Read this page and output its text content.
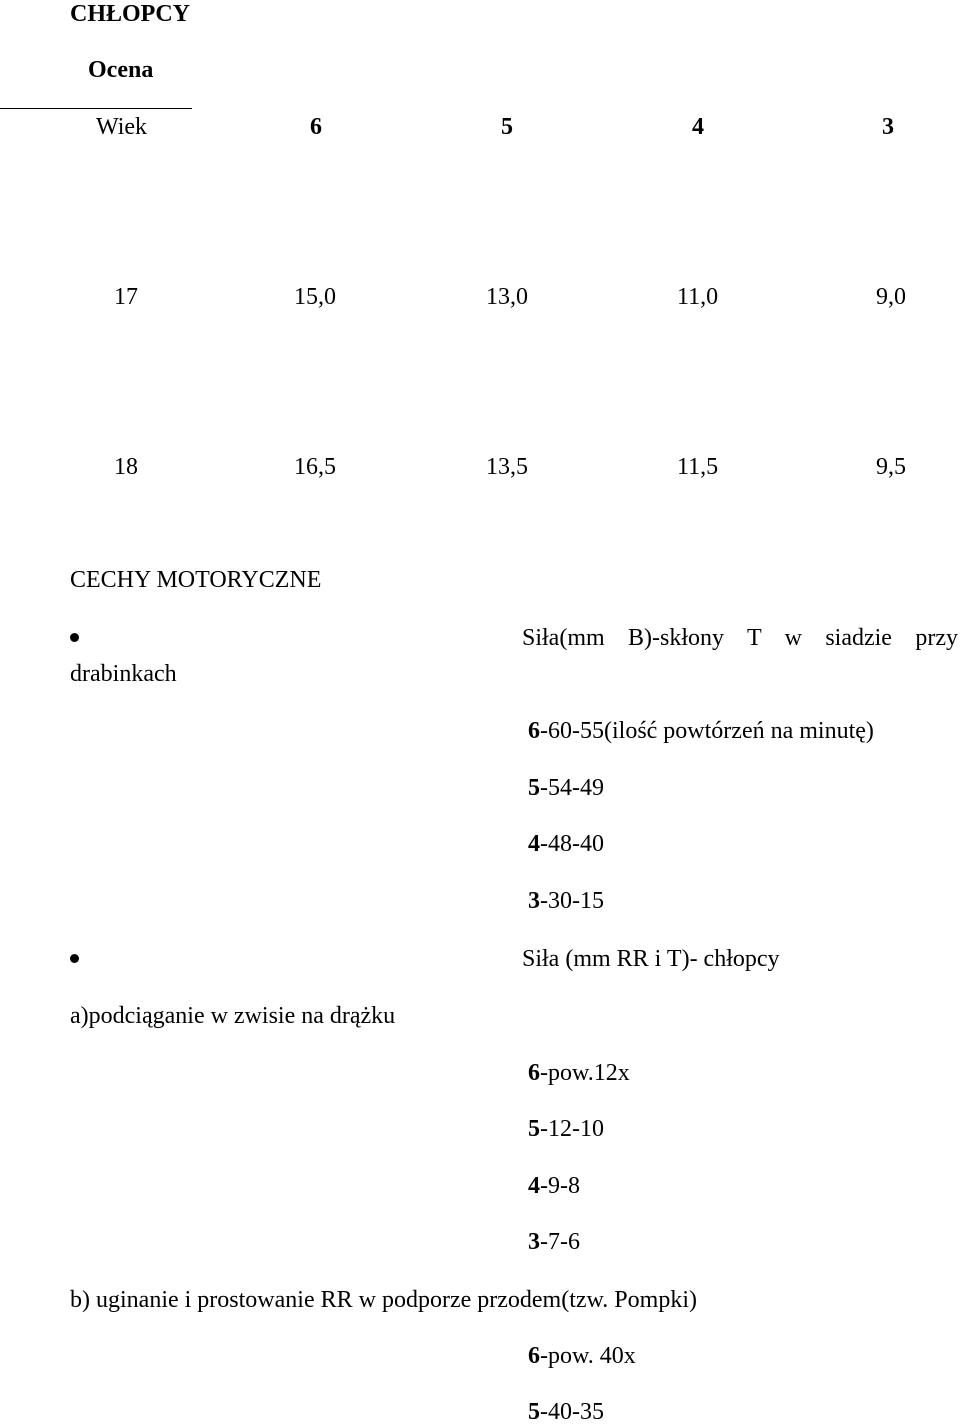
CHŁOPCY
Ocena
Wiek	6	5	4	3
17	15,0	13,0	11,0	9,0
18	16,5	13,5	11,5	9,5
CECHY MOTORYCZNE
Siła(mm B)-skłony T w siadzie przy
drabinkach
6-60-55(ilość powtórzeń na minutę)
5-54-49
4-48-40
3-30-15
Siła (mm RR i T)- chłopcy
a)podciąganie w zwisie na drążku
6-pow.12x
5-12-10
4-9-8
3-7-6
b) uginanie i prostowanie RR w podporze przodem(tzw. Pompki)
6-pow. 40x
5-40-35
